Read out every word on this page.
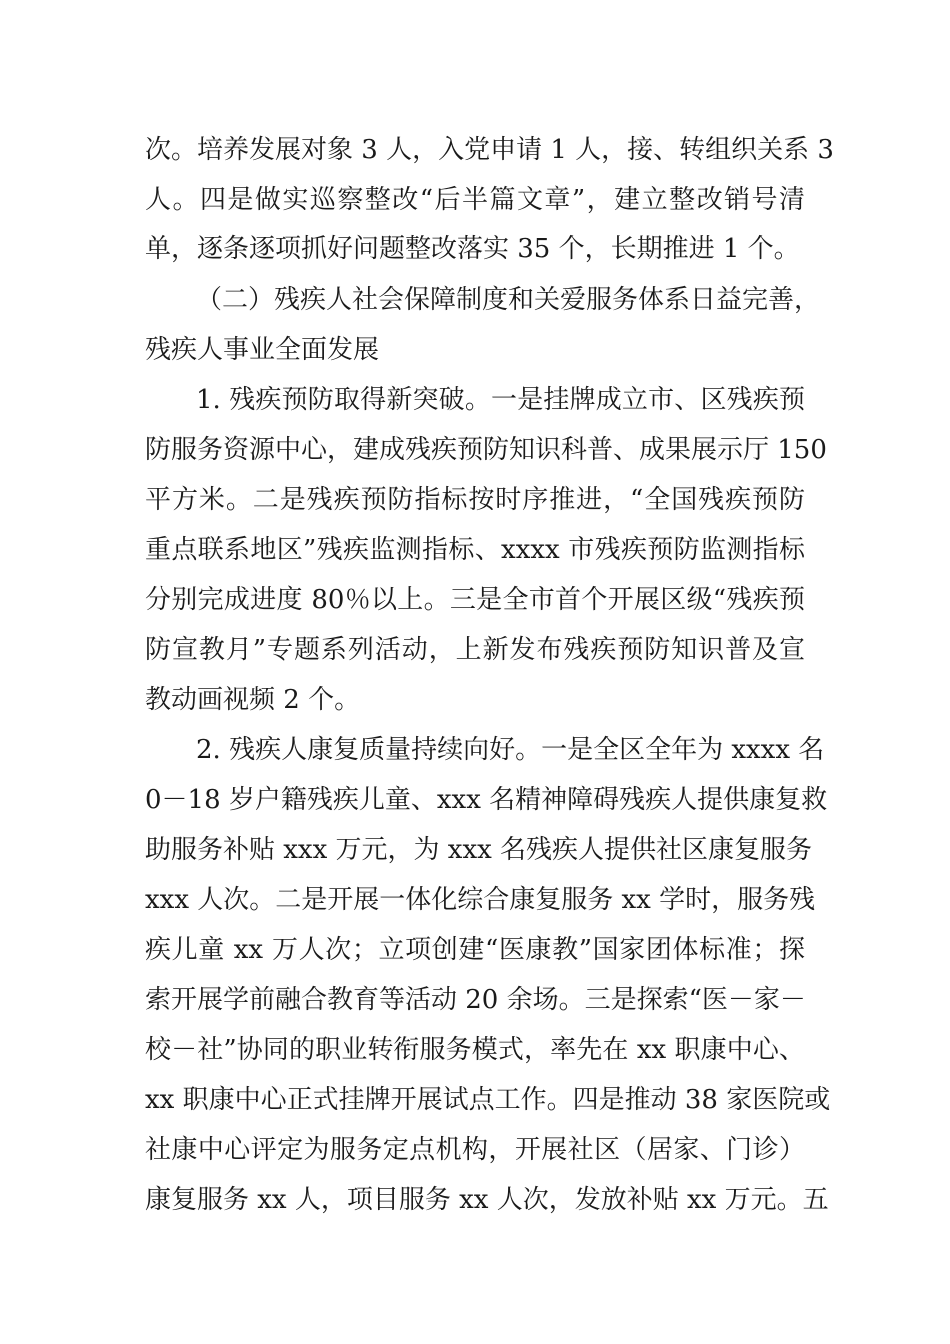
次。培养发展对象 3 人，入党申请 1 人，接、转组织关系 3
人。四是做实巡察整改“后半篇文章”，建立整改销号清
单，逐条逐项抓好问题整改落实 35 个，长期推进 1 个。
（二）残疾人社会保障制度和关爱服务体系日益完善，
残疾人事业全面发展
1. 残疾预防取得新突破。一是挂牌成立市、区残疾预
防服务资源中心，建成残疾预防知识科普、成果展示厅 150
平方米。二是残疾预防指标按时序推进，“全国残疾预防
重点联系地区”残疾监测指标、xxxx 市残疾预防监测指标
分别完成进度 80％以上。三是全市首个开展区级“残疾预
防宣教月”专题系列活动，上新发布残疾预防知识普及宣
教动画视频 2 个。
2. 残疾人康复质量持续向好。一是全区全年为 xxxx 名
0－18 岁户籍残疾儿童、xxx 名精神障碍残疾人提供康复救
助服务补贴 xxx 万元，为 xxx 名残疾人提供社区康复服务
xxx 人次。二是开展一体化综合康复服务 xx 学时，服务残
疾儿童 xx 万人次；立项创建“医康教”国家团体标准；探
索开展学前融合教育等活动 20 余场。三是探索“医－家－
校－社”协同的职业转衔服务模式，率先在 xx 职康中心、
xx 职康中心正式挂牌开展试点工作。四是推动 38 家医院或
社康中心评定为服务定点机构，开展社区（居家、门诊）
康复服务 xx 人，项目服务 xx 人次，发放补贴 xx 万元。五
